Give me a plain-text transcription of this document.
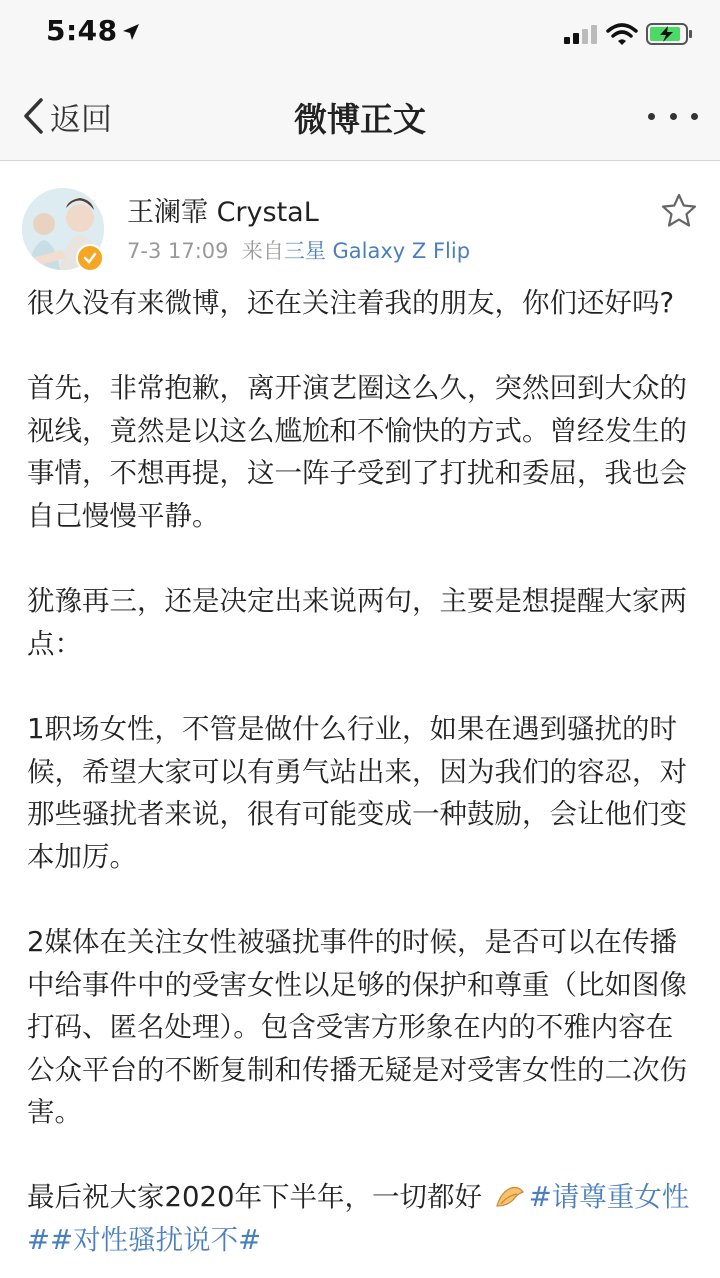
5:48
返回	微博正文
王澜霏 CrystaL
7-3 17:09 来自三星 Galaxy Z Flip

很久没有来微博，还在关注着我的朋友，你们还好吗?

首先，非常抱歉，离开演艺圈这么久，突然回到大众的视线，竟然是以这么尴尬和不愉快的方式。曾经发生的事情，不想再提，这一阵子受到了打扰和委屈，我也会自己慢慢平静。

犹豫再三，还是决定出来说两句，主要是想提醒大家两点：

1职场女性，不管是做什么行业，如果在遇到骚扰的时候，希望大家可以有勇气站出来，因为我们的容忍，对那些骚扰者来说，很有可能变成一种鼓励，会让他们变本加厉。

2媒体在关注女性被骚扰事件的时候，是否可以在传播中给事件中的受害女性以足够的保护和尊重（比如图像打码、匿名处理）。包含受害方形象在内的不雅内容在公众平台的不断复制和传播无疑是对受害女性的二次伤害。

最后祝大家2020年下半年，一切都好 #请尊重女性##对性骚扰说不#
